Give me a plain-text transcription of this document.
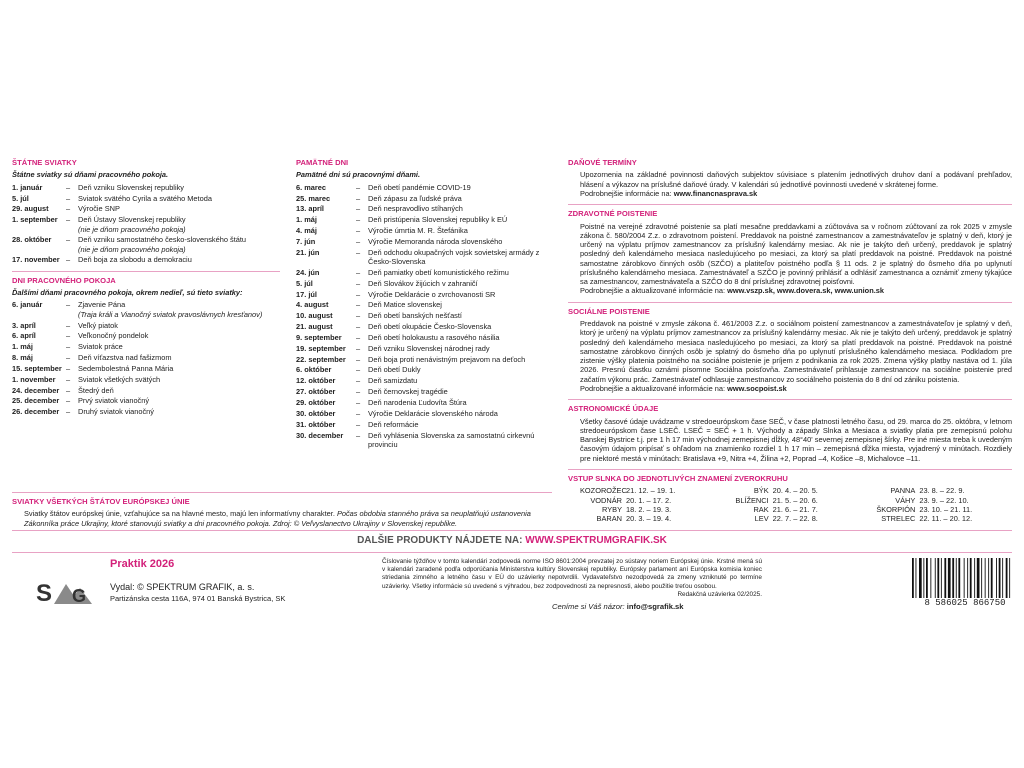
ŠTÁTNE SVIATKY
Štátne sviatky sú dňami pracovného pokoja.
1. január	–	Deň vzniku Slovenskej republiky
5. júl	–	Sviatok svätého Cyrila a svätého Metoda
29. august	–	Výročie SNP
1. september	–	Deň Ústavy Slovenskej republiky
(nie je dňom pracovného pokoja)
28. október	–	Deň vzniku samostatného česko-slovenského štátu
(nie je dňom pracovného pokoja)
17. november –	Deň boja za slobodu a demokraciu
DNI PRACOVNÉHO POKOJA
Ďalšími dňami pracovného pokoja, okrem nedieľ, sú tieto sviatky:
6. január	–	Zjavenie Pána
(Traja králi a Vianočný sviatok pravoslávnych kresťanov)
3. apríl	–	Veľký piatok
6. apríl	–	Veľkonočný pondelok
1. máj	–	Sviatok práce
8. máj	–	Deň víťazstva nad fašizmom
15. september –	Sedembolestná Panna Mária
1. november	–	Sviatok všetkých svätých
24. december –	Štedrý deň
25. december –	Prvý sviatok vianočný
26. december –	Druhý sviatok vianočný
PAMÄTNÉ DNI
Pamätné dni sú pracovnými dňami.
6. marec	–	Deň obetí pandémie COVID-19
25. marec	–	Deň zápasu za ľudské práva
13. apríl	–	Deň nespravodlivo stíhaných
1. máj	–	Deň pristúpenia Slovenskej republiky k EÚ
4. máj	–	Výročie úmrtia M. R. Štefánika
7. jún	–	Výročie Memoranda národa slovenského
21. jún	–	Deň odchodu okupačných vojsk sovietskej armády z Česko-Slovenska
24. jún	–	Deň pamiatky obetí komunistického režimu
5. júl	–	Deň Slovákov žijúcich v zahraničí
17. júl	–	Výročie Deklarácie o zvrchovanosti SR
4. august	–	Deň Matice slovenskej
10. august	–	Deň obetí banských nešťastí
21. august	–	Deň obetí okupácie Česko-Slovenska
9. september	–	Deň obetí holokaustu a rasového násilia
19. september	–	Deň vzniku Slovenskej národnej rady
22. september	–	Deň boja proti nenávistným prejavom na deťoch
6. október	–	Deň obetí Dukly
12. október	–	Deň samizdatu
27. október	–	Deň černovskej tragédie
29. október	–	Deň narodenia Ľudovíta Štúra
30. október	–	Výročie Deklarácie slovenského národa
31. október	–	Deň reformácie
30. december	–	Deň vyhlásenia Slovenska za samostatnú cirkevnú provinciu
DAŇOVÉ TERMÍNY
Upozornenia na základné povinnosti daňových subjektov súvisiace s platením jednotlivých druhov daní a podávaní prehľadov, hlásení a výkazov na príslušné daňové úrady. V kalendári sú jednotlivé povinnosti uvedené v skrátenej forme.
Podrobnejšie informácie na: www.financnasprava.sk
ZDRAVOTNÉ POISTENIE
Poistné na verejné zdravotné poistenie sa platí mesačne preddavkami a zúčtováva sa v ročnom zúčtovaní za rok 2025 v zmysle zákona č. 580/2004 Z.z. o zdravotnom poistení. Preddavok na poistné zamestnancov a zamestnávateľov je splatný v deň, ktorý je určený na výplatu príjmov zamestnancov za príslušný kalendárny mesiac. Ak nie je takýto deň určený, preddavok je splatný posledný deň kalendárneho mesiaca nasledujúceho po mesiaci, za ktorý sa platí preddavok na poistné. Preddavok na poistné samostatne zárobkovo činných osôb (SZČO) a platiteľov poistného podľa § 11 ods. 2 je splatný do ôsmeho dňa po uplynutí príslušného kalendárneho mesiaca. Zamestnávateľ a SZČO je povinný prihlásiť a odhlásiť zamestnanca a oznámiť zmeny týkajúce sa zamestnancov, zamestnávateľa a SZČO do 8 dní príslušnej zdravotnej poisťovni.
Podrobnejšie a aktualizované informácie na: www.vszp.sk, www.dovera.sk, www.union.sk
SOCIÁLNE POISTENIE
Preddavok na poistné v zmysle zákona č. 461/2003 Z.z. o sociálnom poistení zamestnancov a zamestnávateľov je splatný v deň, ktorý je určený na výplatu príjmov zamestnancov za príslušný kalendárny mesiac. Ak nie je takýto deň určený, preddavok je splatný posledný deň kalendárneho mesiaca nasledujúceho po mesiaci, za ktorý sa platí preddavok na poistné. Preddavok na poistné samostatne zárobkovo činných osôb je splatný do ôsmeho dňa po uplynutí príslušného kalendárneho mesiaca. Podkladom pre zistenie výšky platenia poistného na sociálne poistenie je príjem z podnikania za rok 2025. Zmena výšky platby nastáva od 1. júla 2026. Presnú čiastku oznámi písomne Sociálna poisťovňa. Zamestnávateľ prihlasuje zamestnancov na sociálne poistenie pred začatím výkonu prác. Zamestnávateľ odhlasuje zamestnancov zo sociálneho poistenia do 8 dní od zániku poistenia.
Podrobnejšie a aktualizované informácie na: www.socpoist.sk
ASTRONOMICKÉ ÚDAJE
Všetky časové údaje uvádzame v stredoeurópskom čase SEČ, v čase platnosti letného času, od 29. marca do 25. októbra, v letnom stredoeurópskom čase LSEČ. LSEČ = SEČ + 1 h. Východy a západy Slnka a Mesiaca a sviatky platia pre zemepisnú polohu Banskej Bystrice t.j. pre 1 h 17 min východnej zemepisnej dĺžky, 48°40' severnej zemepisnej šírky. Pre iné miesta treba k uvedeným časovým údajom pripísať s ohľadom na znamienko rozdiel 1 h 17 min – zemepisná dĺžka miesta, vyjadrený v minútach. Rozdiely pre niektoré mestá v minútach: Bratislava +9, Nitra +4, Žilina +2, Poprad –4, Košice –8, Michalovce –11.
VSTUP SLNKA DO JEDNOTLIVÝCH ZNAMENÍ ZVEROKRUHU
KOZOROŽEC 21. 12. – 19. 1.	BÝK 20. 4. – 20. 5.	PANNA 23. 8. – 22. 9.
VODNÁR 20. 1. – 17. 2.	BLÍŽENCI 21. 5. – 20. 6.	VÁHY 23. 9. – 22. 10.
RYBY 18. 2. – 19. 3.	RAK 21. 6. – 21. 7.	ŠKORPIÓN 23. 10. – 21. 11.
BARAN 20. 3. – 19. 4.	LEV 22. 7. – 22. 8.	STRELEC 22. 11. – 20. 12.
SVIATKY VŠETKÝCH ŠTÁTOV EURÓPSKEJ ÚNIE
Sviatky štátov európskej únie, vzťahujúce sa na hlavné mesto, majú len informatívny charakter. Počas obdobia stanného práva sa neuplatňujú ustanovenia Zákonníka práce Ukrajiny, ktoré stanovujú sviatky a dni pracovného pokoja. Zdroj: © Veľvyslanectvo Ukrajiny v Slovenskej republike.
DALŠIE PRODUKTY NÁJDETE NA: WWW.SPEKTRUMGRAFIK.SK
Praktik 2026
S G	Vydal: © SPEKTRUM GRAFIK, a. s.
Partizánska cesta 116A, 974 01 Banská Bystrica, SK
Číslovanie týždňov v tomto kalendári zodpovedá norme ISO 8601:2004 prevzatej zo sústavy noriem Európskej únie. Krstné mená sú v kalendári zaradené podľa odporúčania Ministerstva kultúry Slovenskej republiky. Európsky parlament aní Európska komisia koniec striedania zimného a letného času v EÚ do uzávierky nepotvrdili. Vydavateľstvo nezodpovedá za zmeny vzniknuté po termíne uzávierky. Všetky informácie sú uvedené s výhradou, bez zodpovednosti za nepresnosti, alebo použitie treťou osobou.
Redakčná uzávierka 02/2025.
Ceníme si Váš názor: info@sgrafik.sk	8 586025 866750
